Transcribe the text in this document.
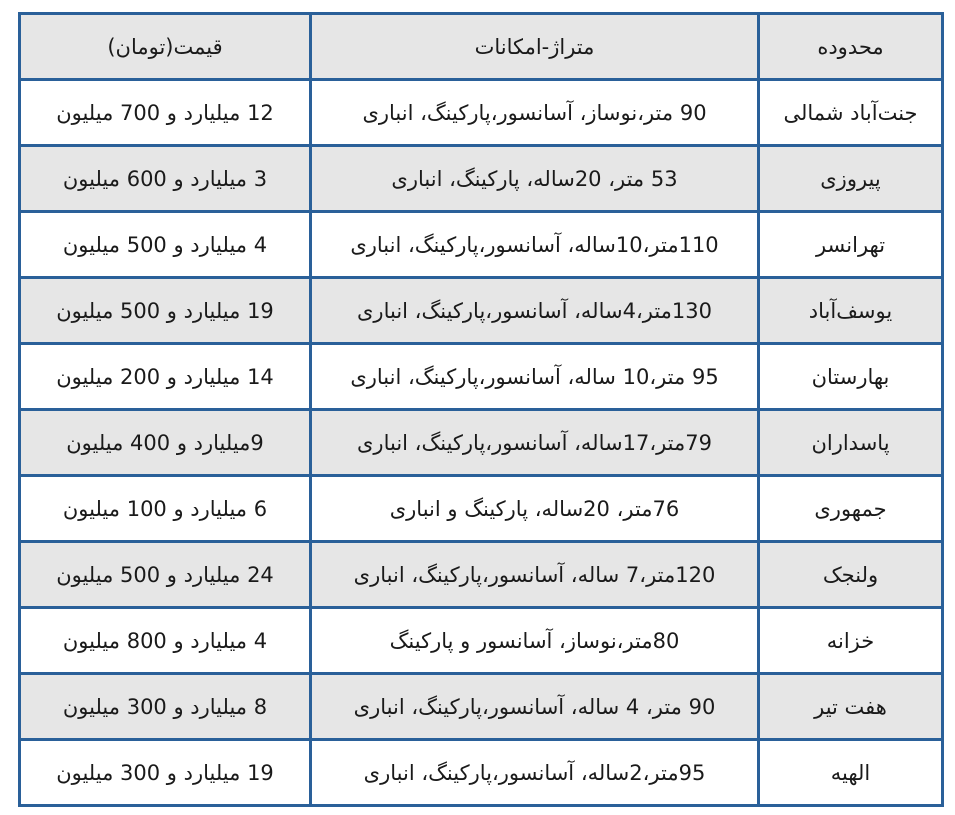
محدوده	متراژ-امکانات	قیمت(تومان)
جنت‌آباد شمالی	90 متر،نوساز، آسانسور،پارکینگ، انباری	12 میلیارد و 700 میلیون
پیروزی	53 متر، 20ساله، پارکینگ، انباری	3 میلیارد و 600 میلیون
تهرانسر	110متر،10ساله، آسانسور،پارکینگ، انباری	4 میلیارد و 500 میلیون
یوسف‌آباد	130متر،4ساله، آسانسور،پارکینگ، انباری	19 میلیارد و 500 میلیون
بهارستان	95 متر،10 ساله، آسانسور،پارکینگ، انباری	14 میلیارد و 200 میلیون
پاسداران	79متر،17ساله، آسانسور،پارکینگ، انباری	9میلیارد و 400 میلیون
جمهوری	76متر، 20ساله، پارکینگ و انباری	6 میلیارد و 100 میلیون
ولنجک	120متر،7 ساله، آسانسور،پارکینگ، انباری	24 میلیارد و 500 میلیون
خزانه	80متر،نوساز، آسانسور و پارکینگ	4 میلیارد و 800 میلیون
هفت تیر	90 متر، 4 ساله، آسانسور،پارکینگ، انباری	8 میلیارد و 300 میلیون
الهیه	95متر،2ساله، آسانسور،پارکینگ، انباری	19 میلیارد و 300 میلیون
